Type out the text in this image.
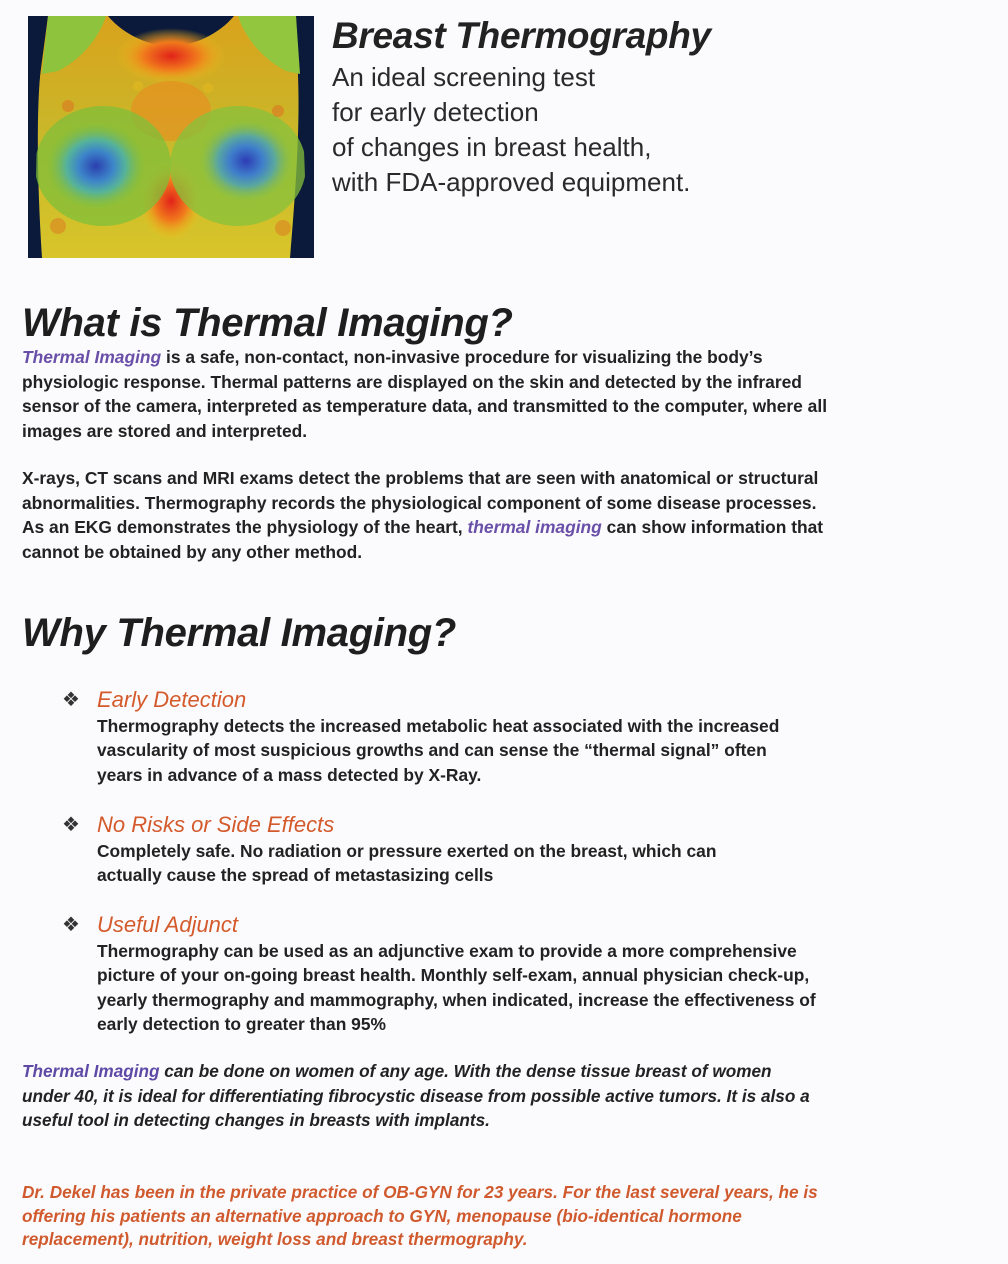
Breast Thermography
An ideal screening test
for early detection
of changes in breast health,
with FDA-approved equipment.
What is Thermal Imaging?
Thermal Imaging is a safe, non-contact, non-invasive procedure for visualizing the body’s
physiologic response. Thermal patterns are displayed on the skin and detected by the infrared
sensor of the camera, interpreted as temperature data, and transmitted to the computer, where all
images are stored and interpreted.
X-rays, CT scans and MRI exams detect the problems that are seen with anatomical or structural
abnormalities. Thermography records the physiological component of some disease processes.
As an EKG demonstrates the physiology of the heart, thermal imaging can show information that
cannot be obtained by any other method.
Why Thermal Imaging?
❖ Early Detection
Thermography detects the increased metabolic heat associated with the increased
vascularity of most suspicious growths and can sense the “thermal signal” often
years in advance of a mass detected by X-Ray.
❖ No Risks or Side Effects
Completely safe. No radiation or pressure exerted on the breast, which can
actually cause the spread of metastasizing cells
❖ Useful Adjunct
Thermography can be used as an adjunctive exam to provide a more comprehensive
picture of your on-going breast health. Monthly self-exam, annual physician check-up,
yearly thermography and mammography, when indicated, increase the effectiveness of
early detection to greater than 95%
Thermal Imaging can be done on women of any age. With the dense tissue breast of women
under 40, it is ideal for differentiating fibrocystic disease from possible active tumors. It is also a
useful tool in detecting changes in breasts with implants.
Dr. Dekel has been in the private practice of OB-GYN for 23 years. For the last several years, he is
offering his patients an alternative approach to GYN, menopause (bio-identical hormone
replacement), nutrition, weight loss and breast thermography.
